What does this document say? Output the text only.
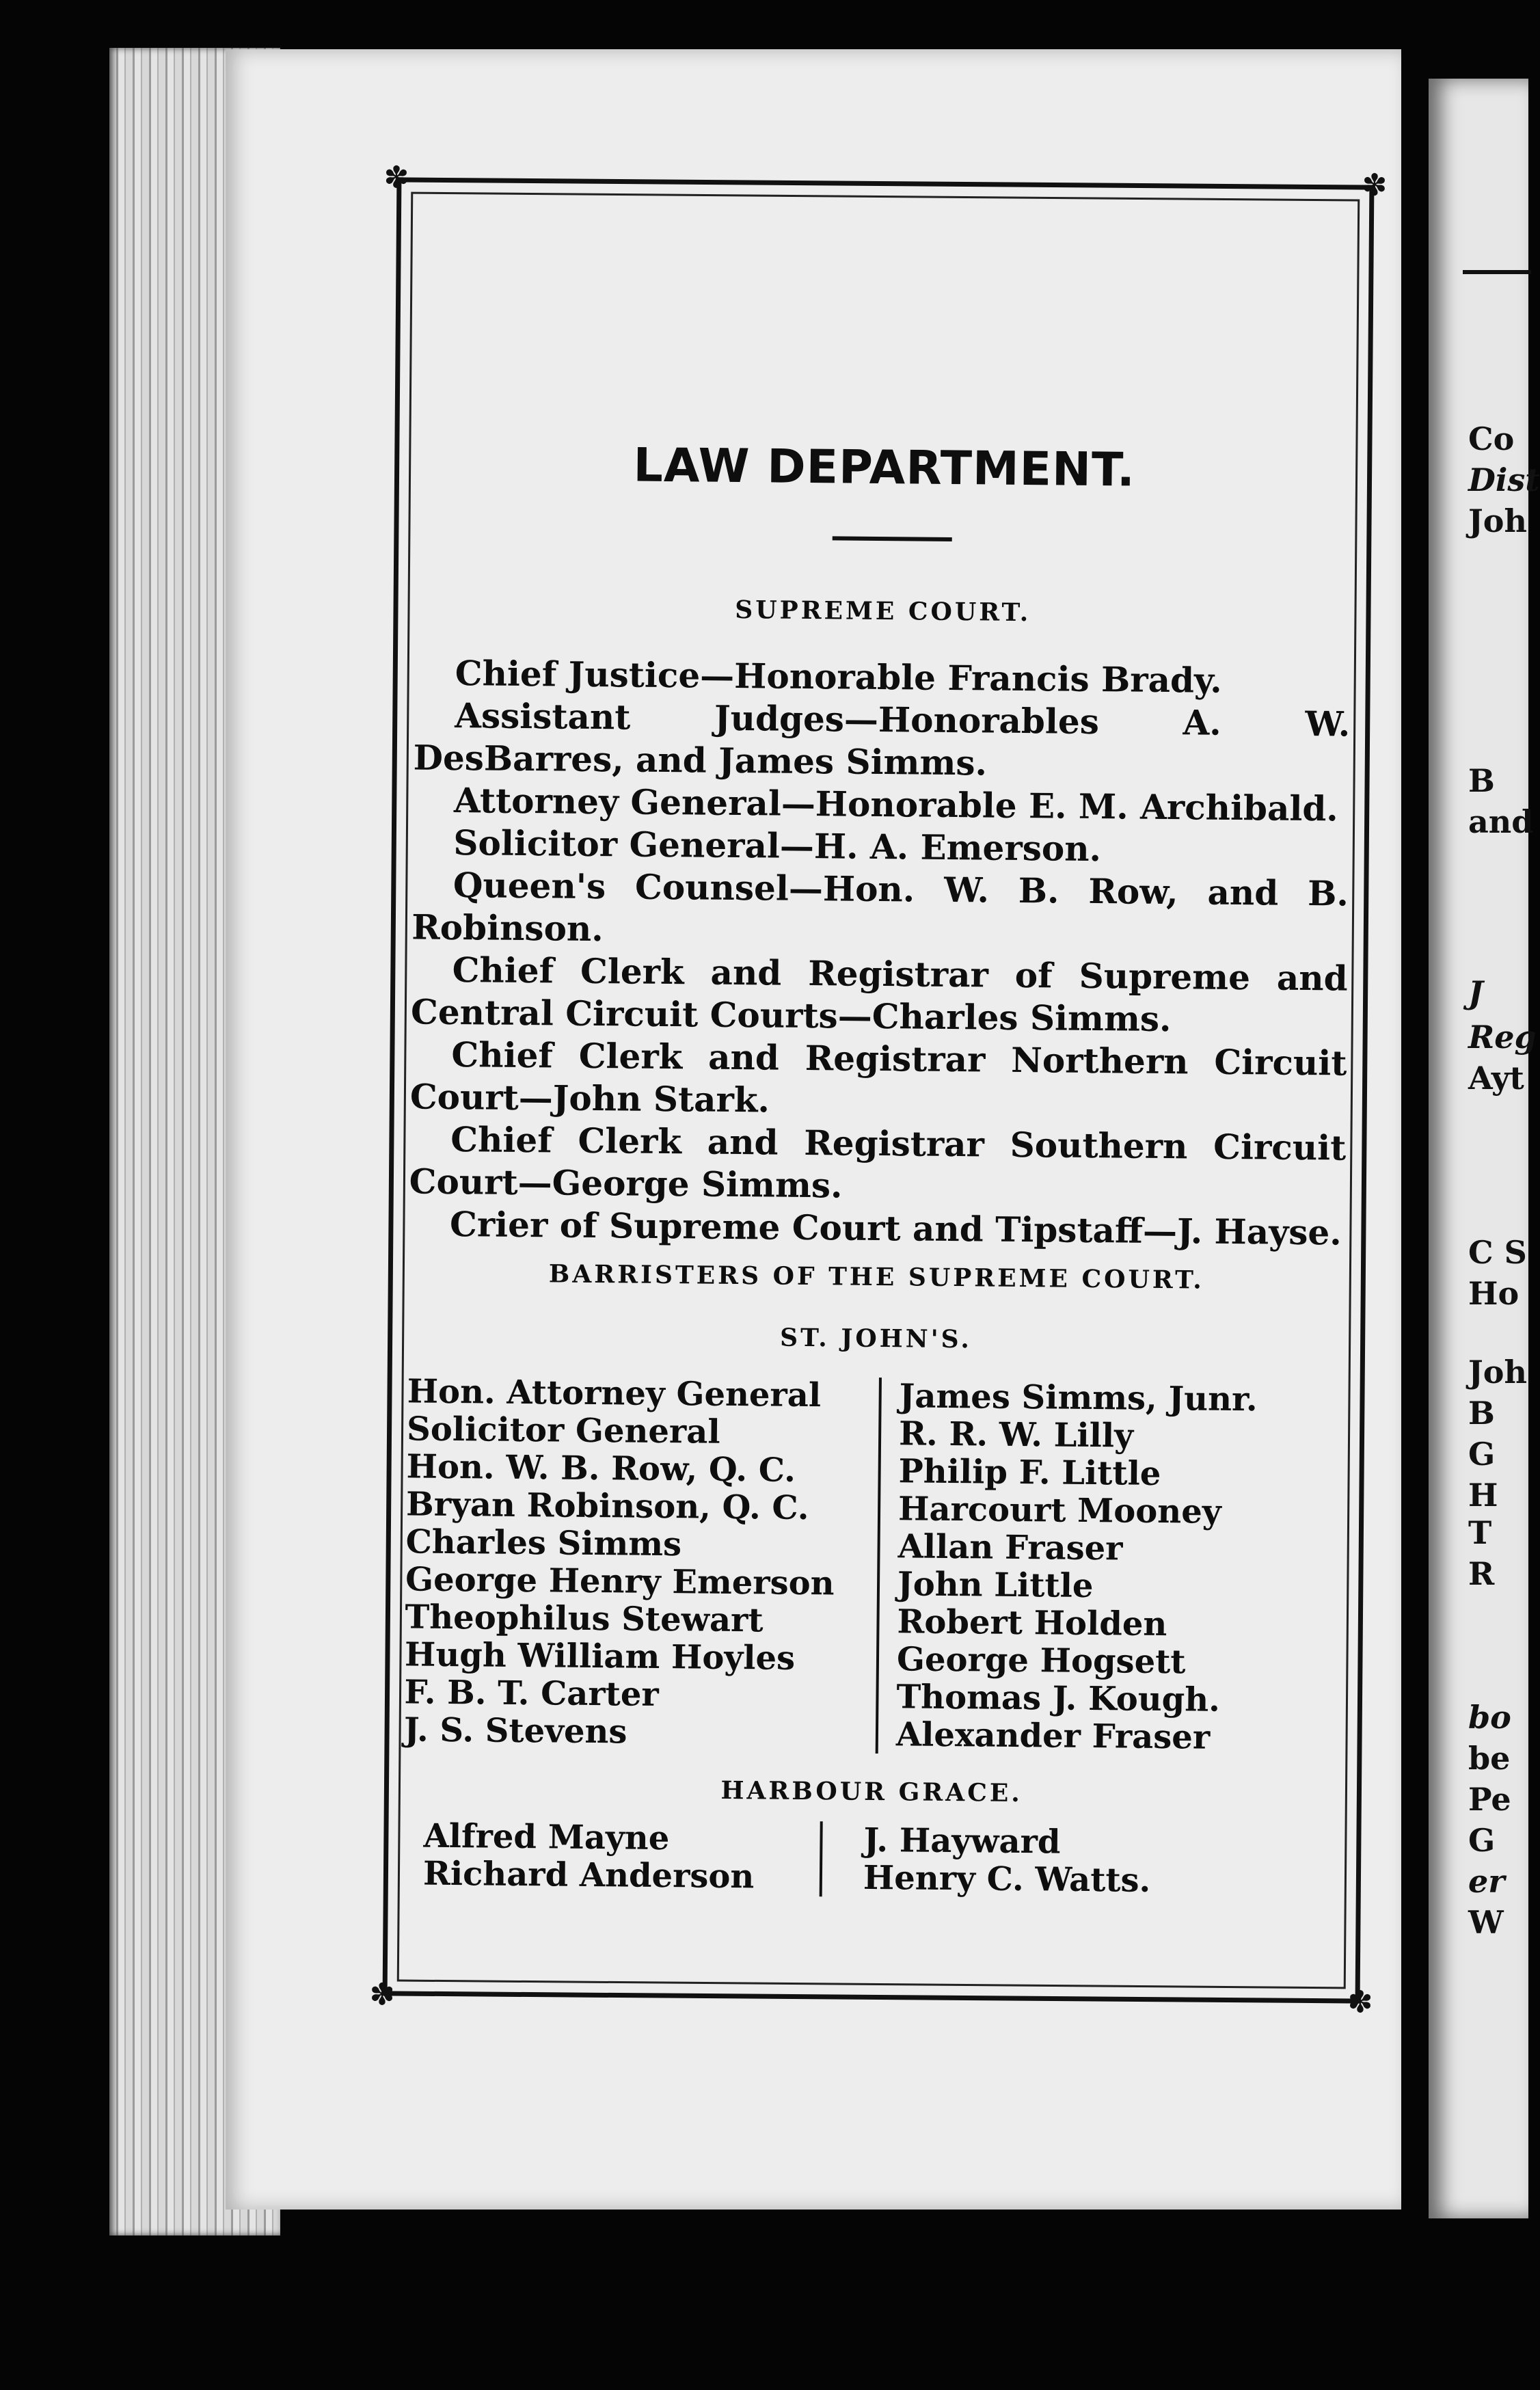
Co
Dist
Joh
B
and
J
Reg
Ayt
C S
Ho
Joh
B
G
H
T
R
bo
be
Pe
G
er
W
✽	✽
✽	✽
LAW DEPARTMENT.
SUPREME COURT.
Chief Justice—Honorable Francis Brady.
Assistant Judges—Honorables A. W. DesBarres, and James Simms.
Attorney General—Honorable E. M. Archibald.
Solicitor General—H. A. Emerson.
Queen's Counsel—Hon. W. B. Row, and B. Robinson.
Chief Clerk and Registrar of Supreme and Central Circuit Courts—Charles Simms.
Chief Clerk and Registrar Northern Circuit Court—John Stark.
Chief Clerk and Registrar Southern Circuit Court—George Simms.
Crier of Supreme Court and Tipstaff—J. Hayse.
BARRISTERS OF THE SUPREME COURT.
ST. JOHN'S.
Hon. Attorney General
Solicitor General
Hon. W. B. Row, Q. C.
Bryan Robinson, Q. C.
Charles Simms
George Henry Emerson
Theophilus Stewart
Hugh William Hoyles
F. B. T. Carter
J. S. Stevens
James Simms, Junr.
R. R. W. Lilly
Philip F. Little
Harcourt Mooney
Allan Fraser
John Little
Robert Holden
George Hogsett
Thomas J. Kough.
Alexander Fraser
HARBOUR GRACE.
Alfred Mayne
Richard Anderson
J. Hayward
Henry C. Watts.
